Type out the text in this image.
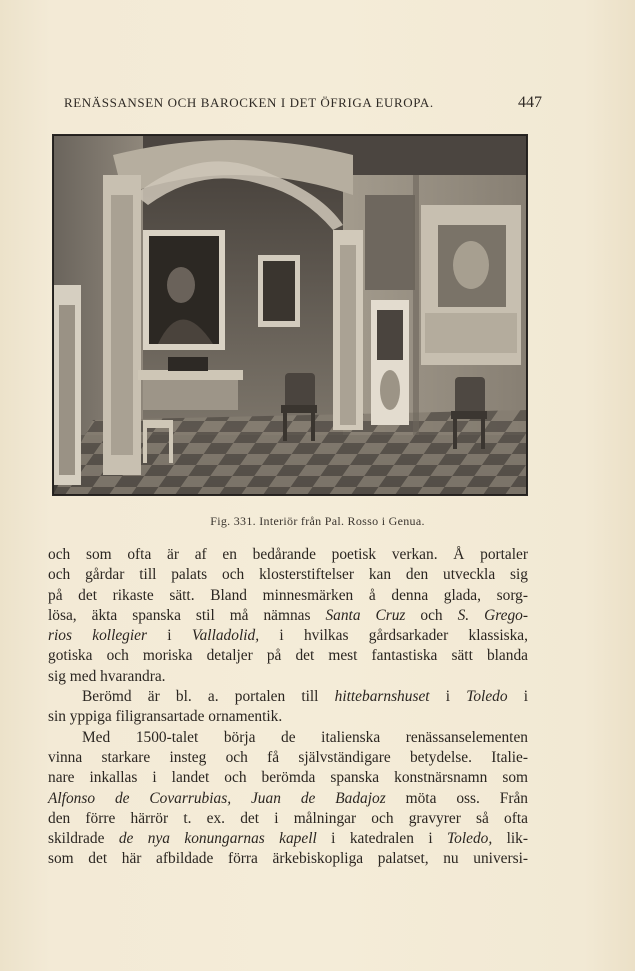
RENÄSSANSEN OCH BAROCKEN I DET ÖFRIGA EUROPA.	447
Fig. 331. Interiör från Pal. Rosso i Genua.
och som ofta är af en bedårande poetisk verkan. Å portaler
och gårdar till palats och klosterstiftelser kan den utveckla sig
på det rikaste sätt. Bland minnesmärken å denna glada, sorg-
lösa, äkta spanska stil må nämnas Santa Cruz och S. Grego-
rios kollegier i Valladolid, i hvilkas gårdsarkader klassiska,
gotiska och moriska detaljer på det mest fantastiska sätt blanda
sig med hvarandra.
Berömd är bl. a. portalen till hittebarnshuset i Toledo i
sin yppiga filigransartade ornamentik.
Med 1500-talet börja de italienska renässanselementen
vinna starkare insteg och få självständigare betydelse. Italie-
nare inkallas i landet och berömda spanska konstnärsnamn som
Alfonso de Covarrubias, Juan de Badajoz möta oss. Från
den förre härrör t. ex. det i målningar och gravyrer så ofta
skildrade de nya konungarnas kapell i katedralen i Toledo, lik-
som det här afbildade förra ärkebiskopliga palatset, nu universi-
